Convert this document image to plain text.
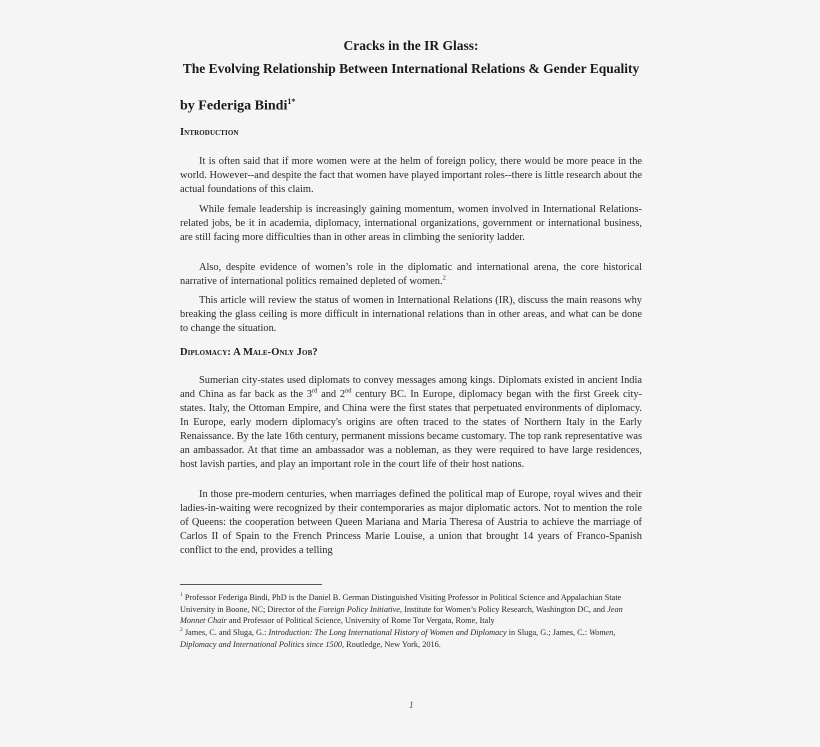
Cracks in the IR Glass:
The Evolving Relationship Between International Relations & Gender Equality
by Federiga Bindi$^{1*}$
Introduction

It is often said that if more women were at the helm of foreign policy, there would be more peace in the world. However--and despite the fact that women have played important roles--there is little research about the actual foundations of this claim.

While female leadership is increasingly gaining momentum, women involved in International Relations-related jobs, be it in academia, diplomacy, international organizations, government or international business, are still facing more difficulties than in other areas in climbing the seniority ladder.

Also, despite evidence of women’s role in the diplomatic and international arena, the core historical narrative of international politics remained depleted of women.$^2$

This article will review the status of women in International Relations (IR), discuss the main reasons why breaking the glass ceiling is more difficult in international relations than in other areas, and what can be done to change the situation.

Diplomacy: A Male-Only Job?

Sumerian city-states used diplomats to convey messages among kings. Diplomats existed in ancient India and China as far back as the 3rd and 2nd century BC. In Europe, diplomacy began with the first Greek city-states. Italy, the Ottoman Empire, and China were the first states that perpetuated environments of diplomacy. In Europe, early modern diplomacy's origins are often traced to the states of Northern Italy in the Early Renaissance. By the late 16th century, permanent missions became customary. The top rank representative was an ambassador. At that time an ambassador was a nobleman, as they were required to have large residences, host lavish parties, and play an important role in the court life of their host nations.

In those pre-modern centuries, when marriages defined the political map of Europe, royal wives and their ladies-in-waiting were recognized by their contemporaries as major diplomatic actors. Not to mention the role of Queens: the cooperation between Queen Mariana and Maria Theresa of Austria to achieve the marriage of Carlos II of Spain to the French Princess Marie Louise, a union that brought 14 years of Franco-Spanish conflict to the end, provides a telling

$^1$ Professor Federiga Bindi, PhD is the Daniel B. German Distinguished Visiting Professor in Political Science and Appalachian State University in Boone, NC; Director of the Foreign Policy Initiative, Institute for Women’s Policy Research, Washington DC, and Jean Monnet Chair and Professor of Political Science, University of Rome Tor Vergata, Rome, Italy
$^2$ James, C. and Sluga, G.: Introduction: The Long International History of Women and Diplomacy in Sluga, G.; James, C.: Women, Diplomacy and International Politics since 1500, Routledge, New York, 2016.
1
